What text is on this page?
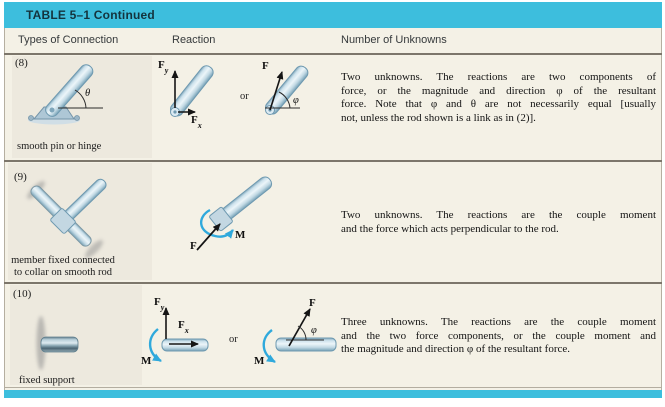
TABLE 5–1 Continued
Types of Connection	Reaction	Number of Unknowns
(8)
θ
smooth pin or hinge
$F_y$
$F_x$
or
F
φ
Two unknowns. The reactions are two components of
force, or the magnitude and direction φ of the resultant
force. Note that φ and θ are not necessarily equal [usually
not, unless the rod shown is a link as in (2)].
(9)
member fixed connected
to collar on smooth rod
F
M
Two unknowns. The reactions are the couple moment
and the force which acts perpendicular to the rod.
(10)
fixed support
$F_y$
$F_x$
M
or
F
φ
M
Three unknowns. The reactions are the couple moment
and the two force components, or the couple moment and
the magnitude and direction φ of the resultant force.
